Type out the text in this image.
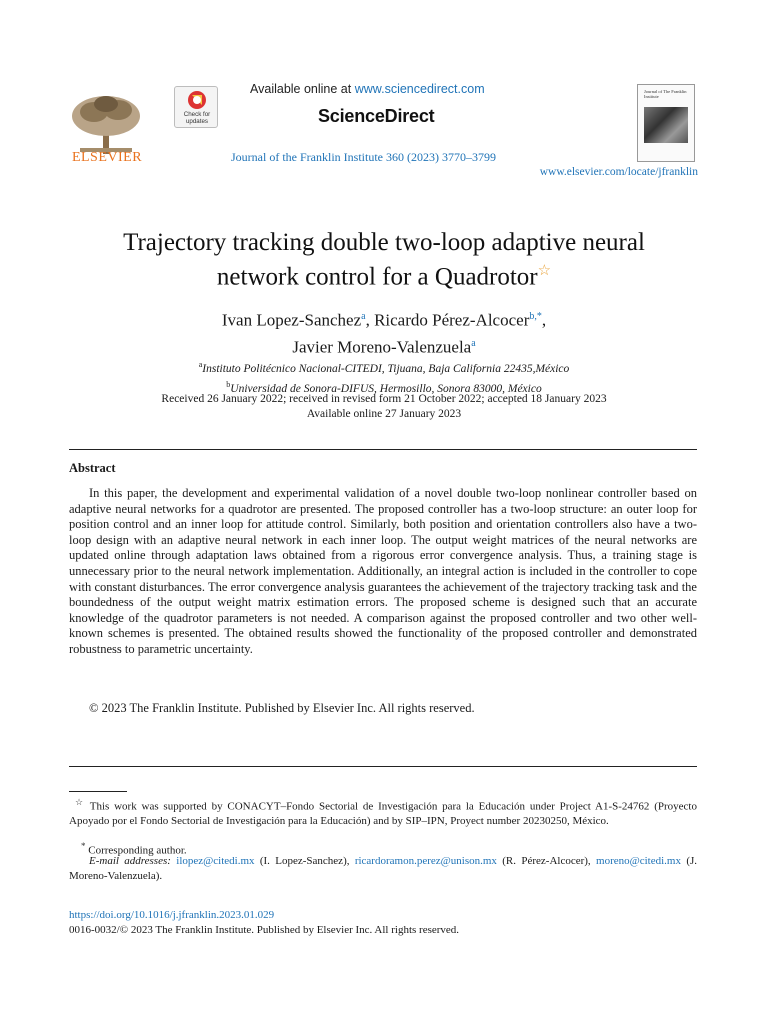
ELSEVIER
Check for updates
Available online at www.sciencedirect.com
ScienceDirect
Journal of the Franklin Institute 360 (2023) 3770–3799
www.elsevier.com/locate/jfranklin
Journal of The Franklin Institute
Trajectory tracking double two-loop adaptive neural
network control for a Quadrotor☆
Ivan Lopez-Sanchez$^a$, Ricardo Pérez-Alcocer$^{b,*}$,
Javier Moreno-Valenzuela$^a$
$^a$Instituto Politécnico Nacional-CITEDI, Tijuana, Baja California 22435,México
$^b$Universidad de Sonora-DIFUS, Hermosillo, Sonora 83000, México
Received 26 January 2022; received in revised form 21 October 2022; accepted 18 January 2023
Available online 27 January 2023
Abstract
In this paper, the development and experimental validation of a novel double two-loop nonlinear controller based on adaptive neural networks for a quadrotor are presented. The proposed controller has a two-loop structure: an outer loop for position control and an inner loop for attitude control. Similarly, both position and orientation controllers also have a two-loop design with an adaptive neural network in each inner loop. The output weight matrices of the neural networks are updated online through adaptation laws obtained from a rigorous error convergence analysis. Thus, a training stage is unnecessary prior to the neural network implementation. Additionally, an integral action is included in the controller to cope with constant disturbances. The error convergence analysis guarantees the achievement of the trajectory tracking task and the boundedness of the output weight matrix estimation errors. The proposed scheme is designed such that an accurate knowledge of the quadrotor parameters is not needed. A comparison against the proposed controller and two other well-known schemes is presented. The obtained results showed the functionality of the proposed controller and demonstrated robustness to parametric uncertainty.
© 2023 The Franklin Institute. Published by Elsevier Inc. All rights reserved.
☆ This work was supported by CONACYT–Fondo Sectorial de Investigación para la Educación under Project A1-S-24762 (Proyecto Apoyado por el Fondo Sectorial de Investigación para la Educación) and by SIP–IPN, Proyect number 20230250, México.
* Corresponding author.
E-mail addresses: ilopez@citedi.mx (I. Lopez-Sanchez), ricardoramon.perez@unison.mx (R. Pérez-Alcocer), moreno@citedi.mx (J. Moreno-Valenzuela).
https://doi.org/10.1016/j.jfranklin.2023.01.029
0016-0032/© 2023 The Franklin Institute. Published by Elsevier Inc. All rights reserved.
